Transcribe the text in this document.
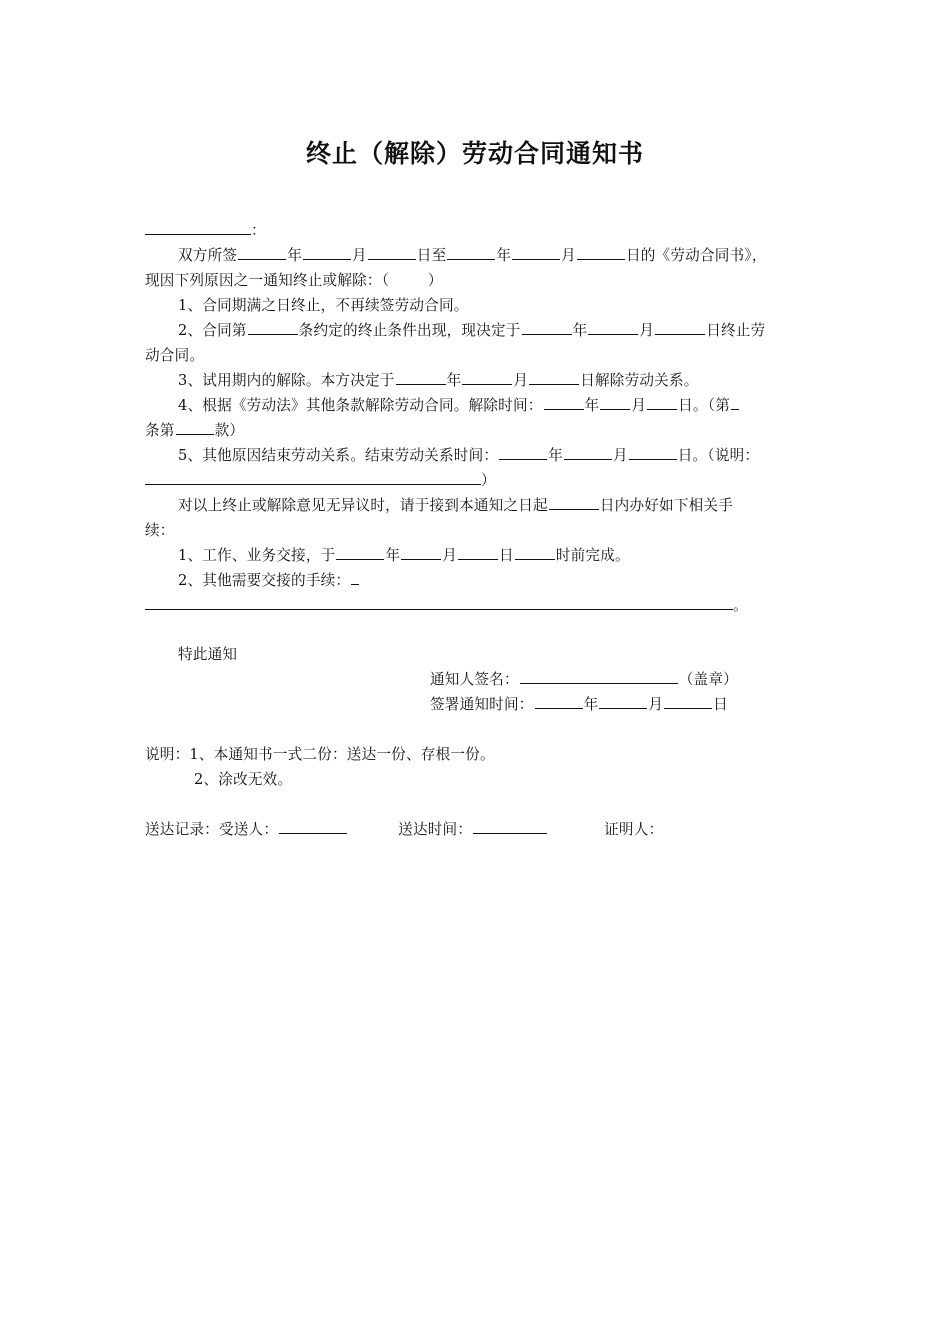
终止（解除）劳动合同通知书
：
双方所签	年	月	日至	年	月	日的《劳动合同书》，
现因下列原因之一通知终止或解除：（        ）
1、合同期满之日终止，不再续签劳动合同。
2、合同第	条约定的终止条件出现，现决定于	年	月	日终止劳
动合同。
3、试用期内的解除。本方决定于	年	月	日解除劳动关系。
4、根据《劳动法》其他条款解除劳动合同。解除时间：	年 月 日。（第
条第	款）
5、其他原因结束劳动关系。结束劳动关系时间：	年	月	日。（说明：
）
对以上终止或解除意见无异议时，请于接到本通知之日起	日内办好如下相关手
续：
1、工作、业务交接，于	年	月	日	时前完成。
2、其他需要交接的手续：
。
特此通知
通知人签名：	（盖章）
签署通知时间：	年	月	日
说明：1、本通知书一式二份：送达一份、存根一份。
2、涂改无效。
送达记录：受送人：	送达时间：	证明人：
